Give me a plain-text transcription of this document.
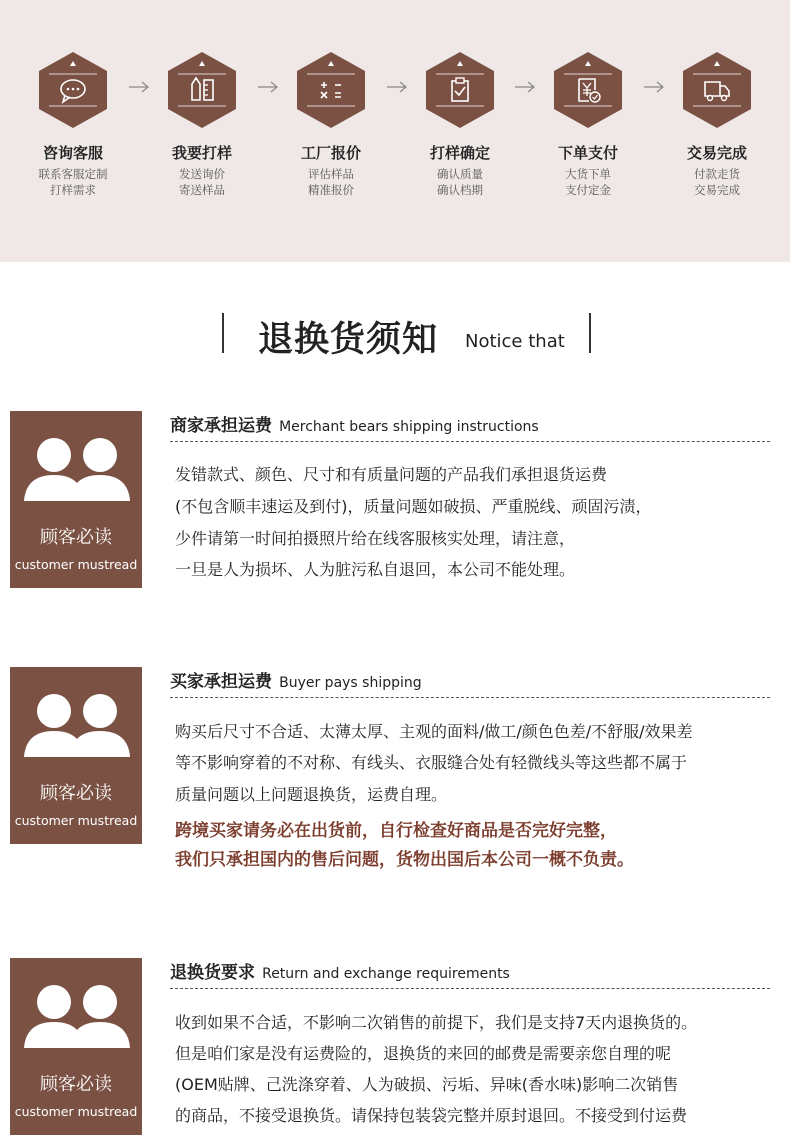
咨询客服
联系客服定制
打样需求
我要打样
发送询价
寄送样品
工厂报价
评估样品
精准报价
打样确定
确认质量
确认档期
下单支付
大货下单
支付定金
交易完成
付款走货
交易完成
退换货须知 Notice that
顾客必读
customer mustread
商家承担运费 Merchant bears shipping instructions
发错款式、颜色、尺寸和有质量问题的产品我们承担退货运费
(不包含顺丰速运及到付)，质量问题如破损、严重脱线、顽固污渍，
少件请第一时间拍摄照片给在线客服核实处理，请注意，
一旦是人为损坏、人为脏污私自退回，本公司不能处理。
顾客必读
customer mustread
买家承担运费 Buyer pays shipping
购买后尺寸不合适、太薄太厚、主观的面料/做工/颜色色差/不舒服/效果差
等不影响穿着的不对称、有线头、衣服缝合处有轻微线头等这些都不属于
质量问题以上问题退换货，运费自理。
跨境买家请务必在出货前，自行检查好商品是否完好完整，
我们只承担国内的售后问题，货物出国后本公司一概不负责。
顾客必读
customer mustread
退换货要求 Return and exchange requirements
收到如果不合适，不影响二次销售的前提下，我们是支持7天内退换货的。
但是咱们家是没有运费险的，退换货的来回的邮费是需要亲您自理的呢
(OEM贴牌、己洗涤穿着、人为破损、污垢、异味(香水味)影响二次销售
的商品，不接受退换货。请保持包装袋完整并原封退回。不接受到付运费
